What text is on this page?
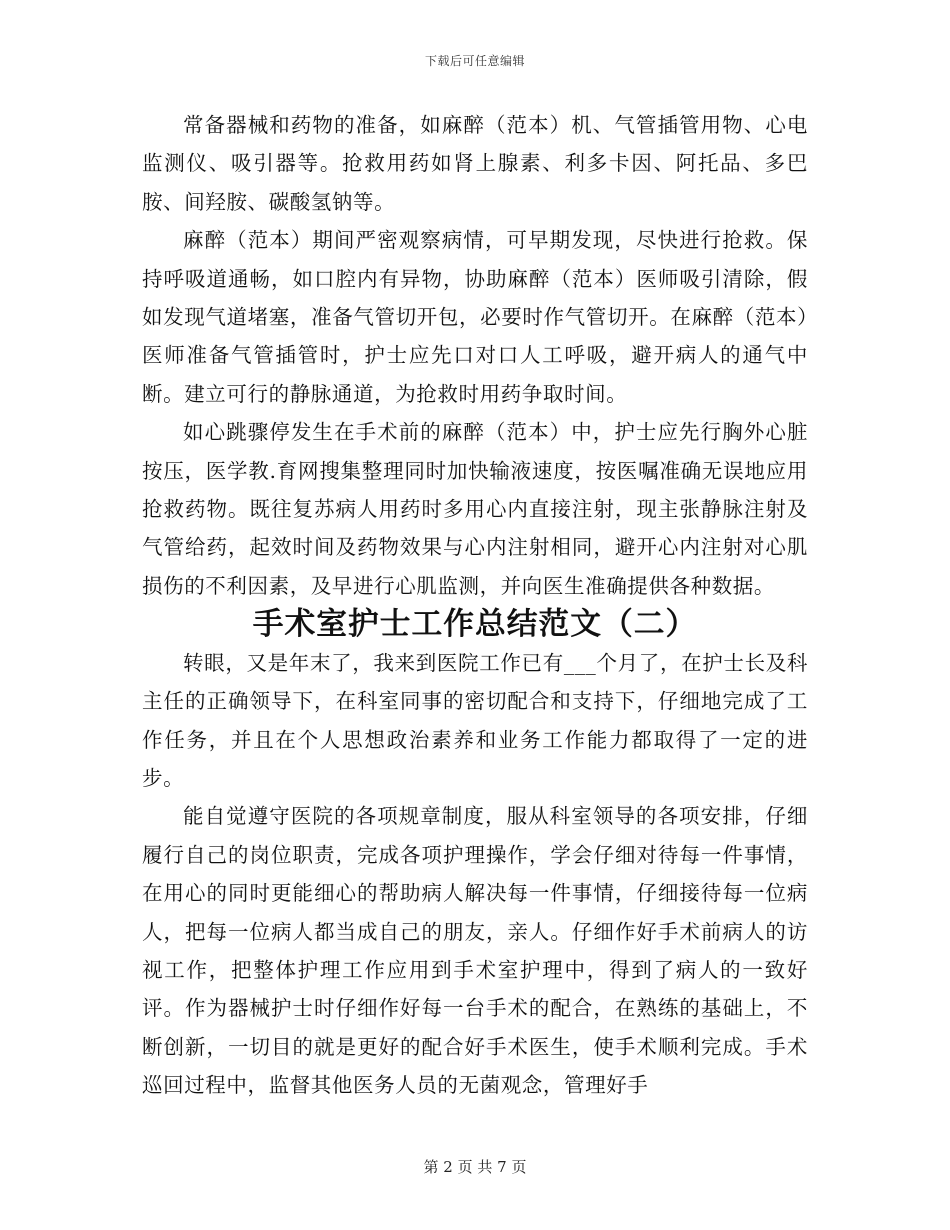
下载后可任意编辑

常备器械和药物的准备，如麻醉（范本）机、气管插管用物、心电监测仪、吸引器等。抢救用药如肾上腺素、利多卡因、阿托品、多巴胺、间羟胺、碳酸氢钠等。

麻醉（范本）期间严密观察病情，可早期发现，尽快进行抢救。保持呼吸道通畅，如口腔内有异物，协助麻醉（范本）医师吸引清除，假如发现气道堵塞，准备气管切开包，必要时作气管切开。在麻醉（范本）医师准备气管插管时，护士应先口对口人工呼吸，避开病人的通气中断。建立可行的静脉通道，为抢救时用药争取时间。

如心跳骤停发生在手术前的麻醉（范本）中，护士应先行胸外心脏按压，医学教.育网搜集整理同时加快输液速度，按医嘱准确无误地应用抢救药物。既往复苏病人用药时多用心内直接注射，现主张静脉注射及气管给药，起效时间及药物效果与心内注射相同，避开心内注射对心肌损伤的不利因素，及早进行心肌监测，并向医生准确提供各种数据。

手术室护士工作总结范文（二）

转眼，又是年末了，我来到医院工作已有___个月了，在护士长及科主任的正确领导下，在科室同事的密切配合和支持下，仔细地完成了工作任务，并且在个人思想政治素养和业务工作能力都取得了一定的进步。

能自觉遵守医院的各项规章制度，服从科室领导的各项安排，仔细履行自己的岗位职责，完成各项护理操作，学会仔细对待每一件事情，在用心的同时更能细心的帮助病人解决每一件事情，仔细接待每一位病人，把每一位病人都当成自己的朋友，亲人。仔细作好手术前病人的访视工作，把整体护理工作应用到手术室护理中，得到了病人的一致好评。作为器械护士时仔细作好每一台手术的配合，在熟练的基础上，不断创新，一切目的就是更好的配合好手术医生，使手术顺利完成。手术巡回过程中，监督其他医务人员的无菌观念，管理好手

第 2 页 共 7 页
